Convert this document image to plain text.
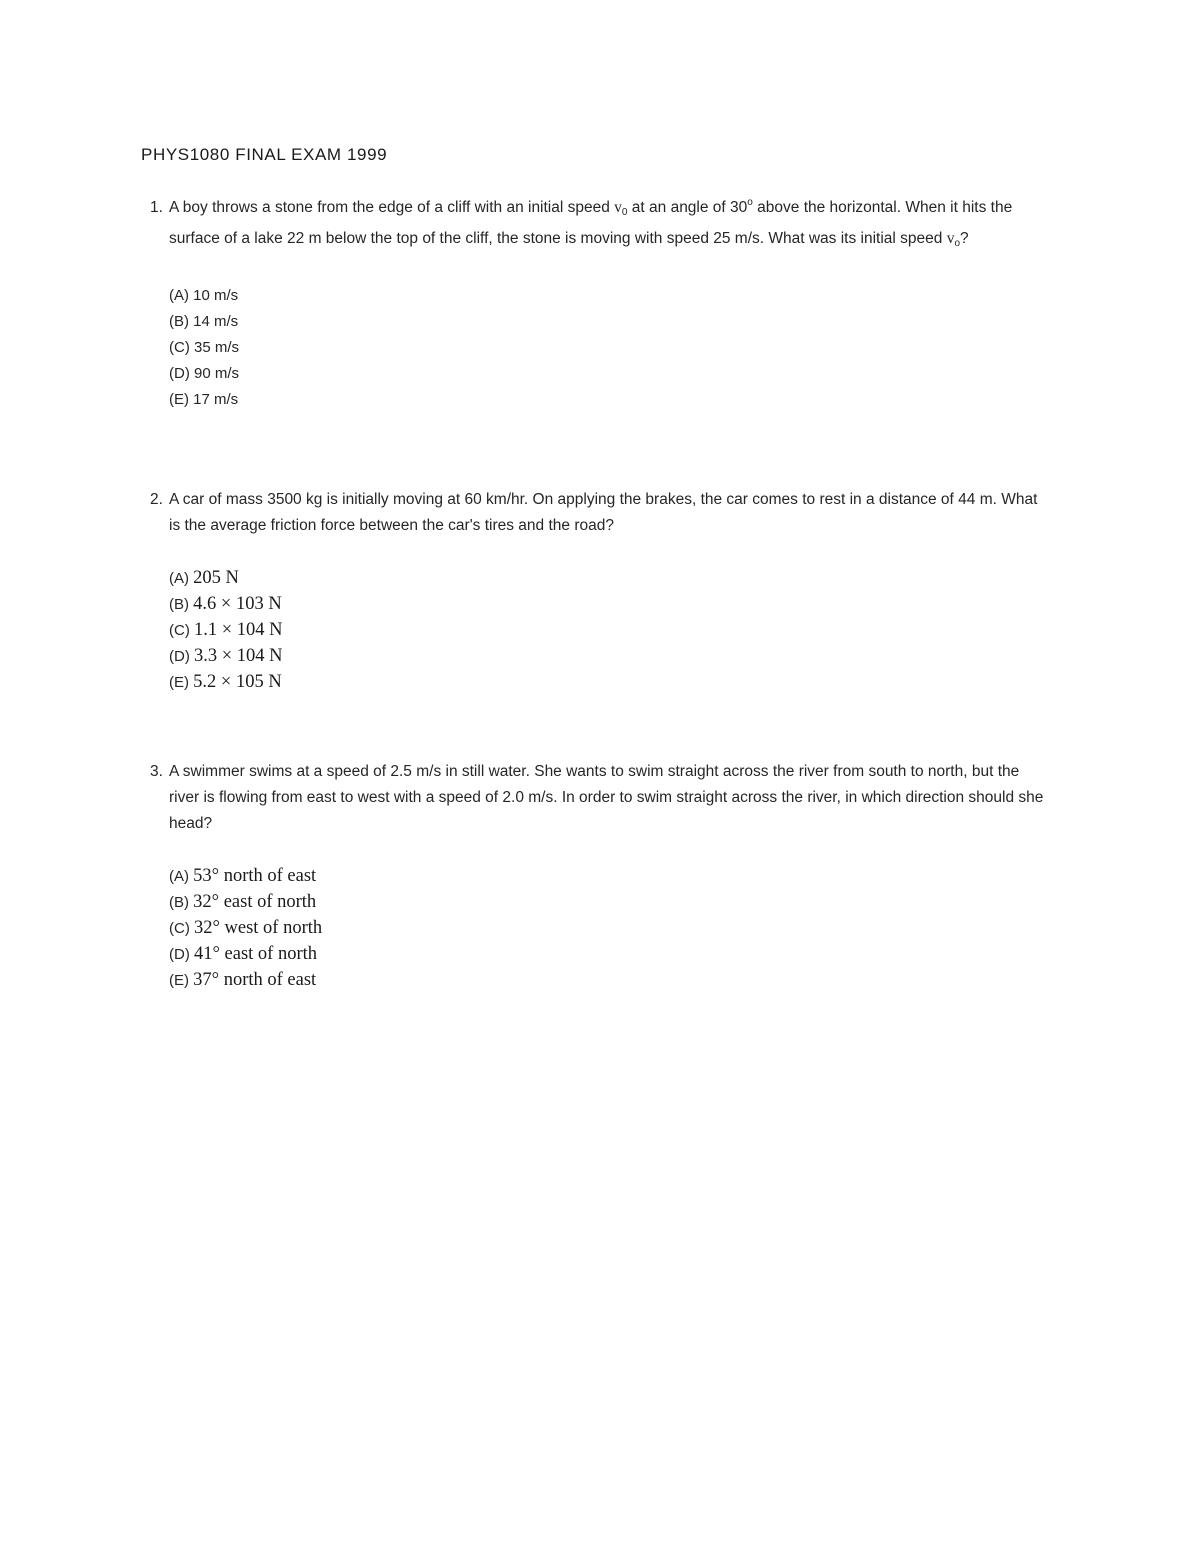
PHYS1080 FINAL EXAM 1999
1. A boy throws a stone from the edge of a cliff with an initial speed $v_0$ at an angle of 30$^o$ above the horizontal. When it hits the surface of a lake 22 m below the top of the cliff, the stone is moving with speed 25 m/s. What was its initial speed $v_o$?
(A) 10 m/s
(B) 14 m/s
(C) 35 m/s
(D) 90 m/s
(E) 17 m/s
2. A car of mass 3500 kg is initially moving at 60 km/hr. On applying the brakes, the car comes to rest in a distance of 44 m. What is the average friction force between the car's tires and the road?
(A) 205 N
(B) 4.6 × 103 N
(C) 1.1 × 104 N
(D) 3.3 × 104 N
(E) 5.2 × 105 N
3. A swimmer swims at a speed of 2.5 m/s in still water. She wants to swim straight across the river from south to north, but the river is flowing from east to west with a speed of 2.0 m/s. In order to swim straight across the river, in which direction should she head?
(A) 53° north of east
(B) 32° east of north
(C) 32° west of north
(D) 41° east of north
(E) 37° north of east
